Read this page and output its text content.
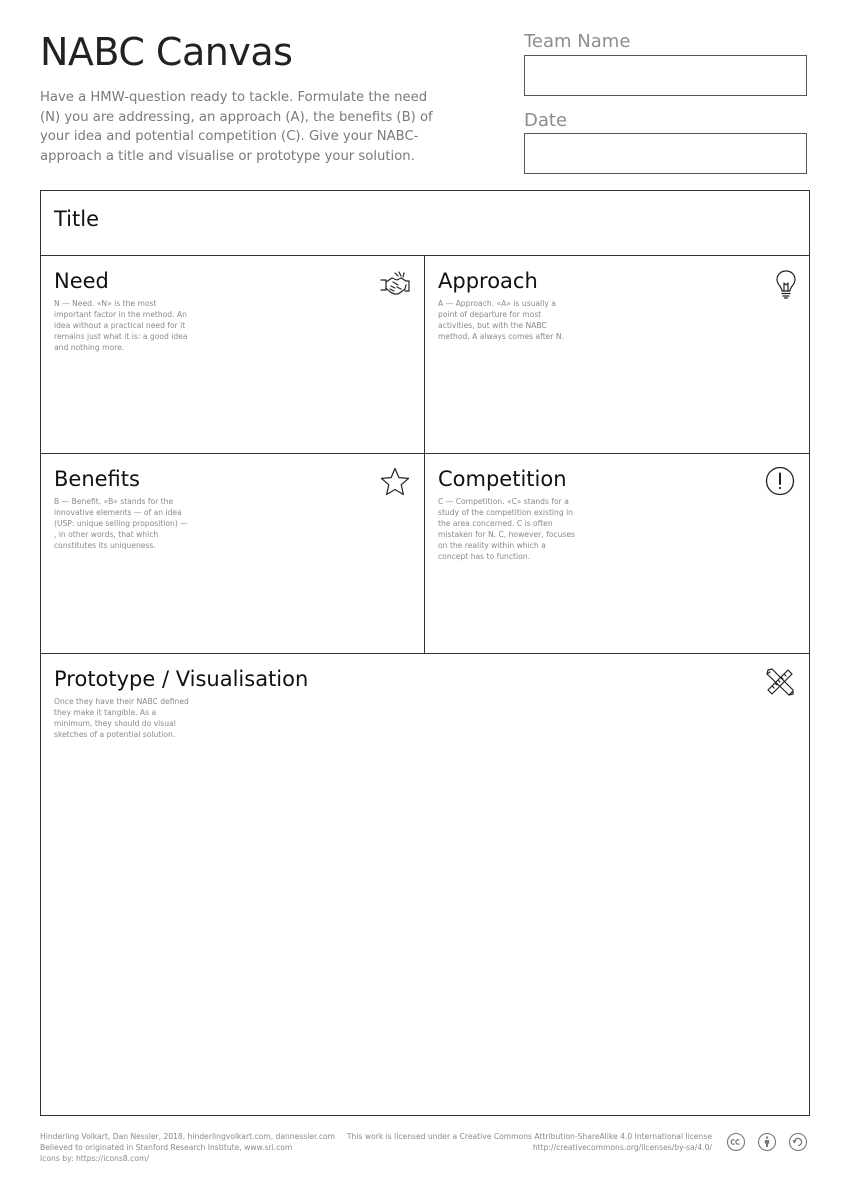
NABC Canvas

Have a HMW-question ready to tackle. Formulate the need (N) you are addressing, an approach (A), the benefits (B) of your idea and potential competition (C). Give your NABC-approach a title and visualise or prototype your solution.

Team Name
Date
Title
Need

N — Need. «N» is the most important factor in the method. An idea without a practical need for it remains just what it is: a good idea and nothing more.

Approach

A — Approach. «A» is usually a point of departure for most activities, but with the NABC method, A always comes after N.

Benefits

B — Benefit. «B» stands for the innovative elements — of an idea (USP: unique selling proposition) — , in other words, that which constitutes its uniqueness.

Competition

C — Competition. «C» stands for a study of the competition existing in the area concerned. C is often mistaken for N. C, however, focuses on the reality within which a concept has to function.

Prototype / Visualisation

Once they have their NABC defined they make it tangible. As a minimum, they should do visual sketches of a potential solution.

Hinderling Volkart, Dan Nessler, 2018, hinderlingvolkart.com, dannessler.com
Believed to originated in Stanford Research Institute, www.sri.com
Icons by: https://icons8.com/
This work is licensed under a Creative Commons Attribution-ShareAlike 4.0 International license
http://creativecommons.org/licenses/by-sa/4.0/
